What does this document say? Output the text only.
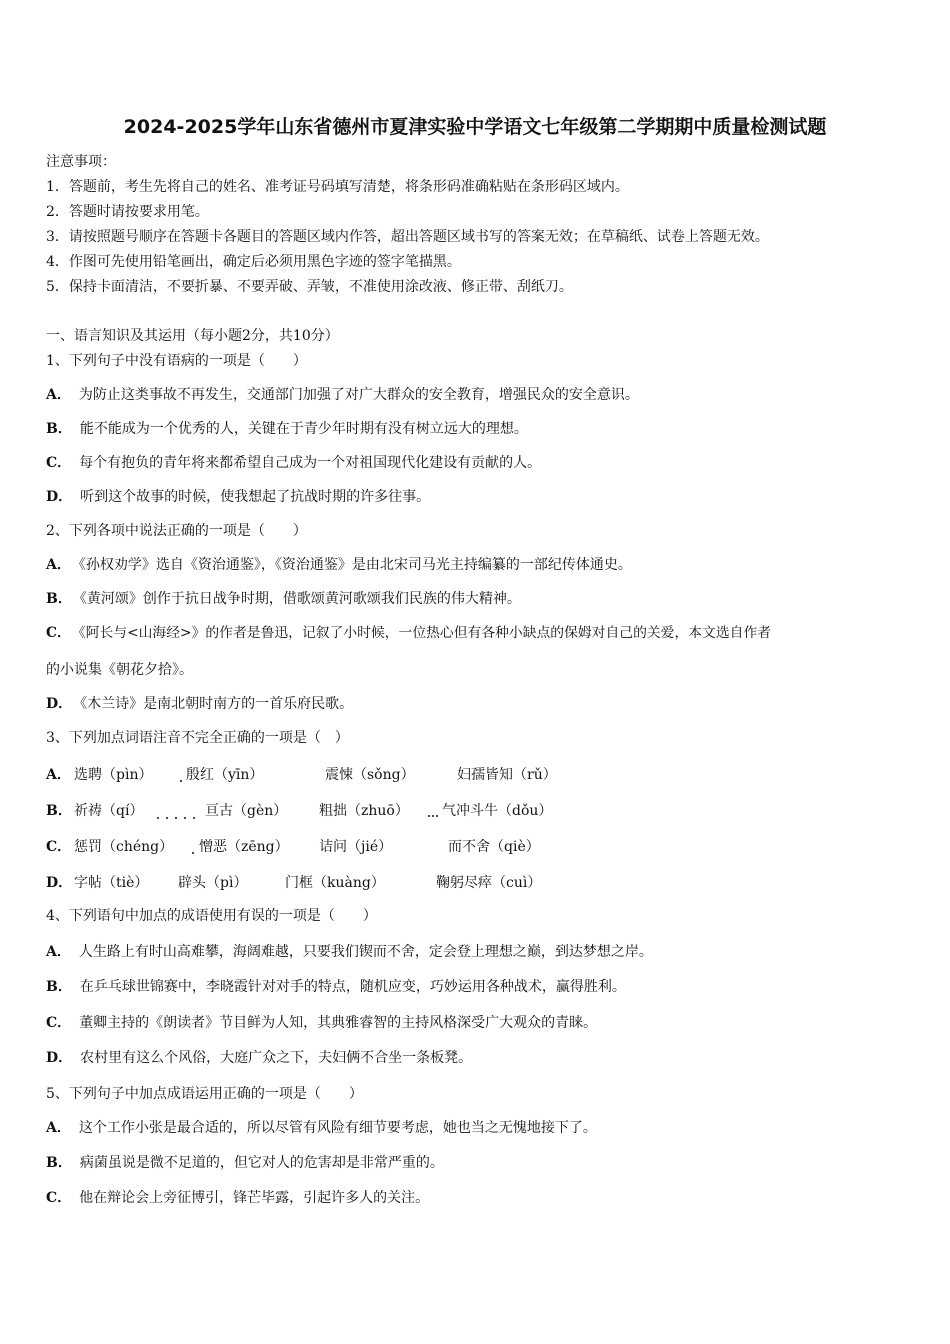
2024-2025学年山东省德州市夏津实验中学语文七年级第二学期期中质量检测试题
注意事项：
1．答题前，考生先将自己的姓名、准考证号码填写清楚，将条形码准确粘贴在条形码区域内。
2．答题时请按要求用笔。
3．请按照题号顺序在答题卡各题目的答题区域内作答，超出答题区域书写的答案无效；在草稿纸、试卷上答题无效。
4．作图可先使用铅笔画出，确定后必须用黑色字迹的签字笔描黑。
5．保持卡面清洁，不要折暴、不要弄破、弄皱，不准使用涂改液、修正带、刮纸刀。
一、语言知识及其运用（每小题2分，共10分）
1、下列句子中没有语病的一项是（　　）
A． 为防止这类事故不再发生，交通部门加强了对广大群众的安全教育，增强民众的安全意识。
B． 能不能成为一个优秀的人，关键在于青少年时期有没有树立远大的理想。
C． 每个有抱负的青年将来都希望自己成为一个对祖国现代化建设有贡献的人。
D． 听到这个故事的时候，使我想起了抗战时期的许多往事。
2、下列各项中说法正确的一项是（　　）
A． 《孙权劝学》选自《资治通鉴》，《资治通鉴》是由北宋司马光主持编纂的一部纪传体通史。
B． 《黄河颂》创作于抗日战争时期，借歌颂黄河歌颂我们民族的伟大精神。
C． 《阿长与<山海经>》的作者是鲁迅，记叙了小时候，一位热心但有各种小缺点的保姆对自己的关爱，本文选自作者
的小说集《朝花夕拾》。
D． 《木兰诗》是南北朝时南方的一首乐府民歌。
3、下列加点词语注音不完全正确的一项是（　）
A． 选聘（pìn） 殷红（yīn）	震悚（sǒng）	妇孺皆知（rǔ）
B． 祈祷（qí）	亘古（gèn） 粗拙（zhuō） 气冲斗牛（dǒu）
C． 惩罚（chéng） 憎恶（zēng） 诘问（jié）	而不舍（qiè）
D． 字帖（tiè） 辟头（pì）	门框（kuàng）	鞠躬尽瘁（cuì）
4、下列语句中加点的成语使用有误的一项是（　　）
A． 人生路上有时山高难攀，海阔难越，只要我们锲而不舍，定会登上理想之巅，到达梦想之岸。
B． 在乒乓球世锦赛中，李晓霞针对对手的特点，随机应变，巧妙运用各种战术，赢得胜利。
C． 董卿主持的《朗读者》节目鲜为人知，其典雅睿智的主持风格深受广大观众的青睐。
D． 农村里有这么个风俗，大庭广众之下，夫妇俩不合坐一条板凳。
5、下列句子中加点成语运用正确的一项是（　　）
A． 这个工作小张是最合适的，所以尽管有风险有细节要考虑，她也当之无愧地接下了。
B． 病菌虽说是微不足道的，但它对人的危害却是非常严重的。
C． 他在辩论会上旁征博引，锋芒毕露，引起许多人的关注。
